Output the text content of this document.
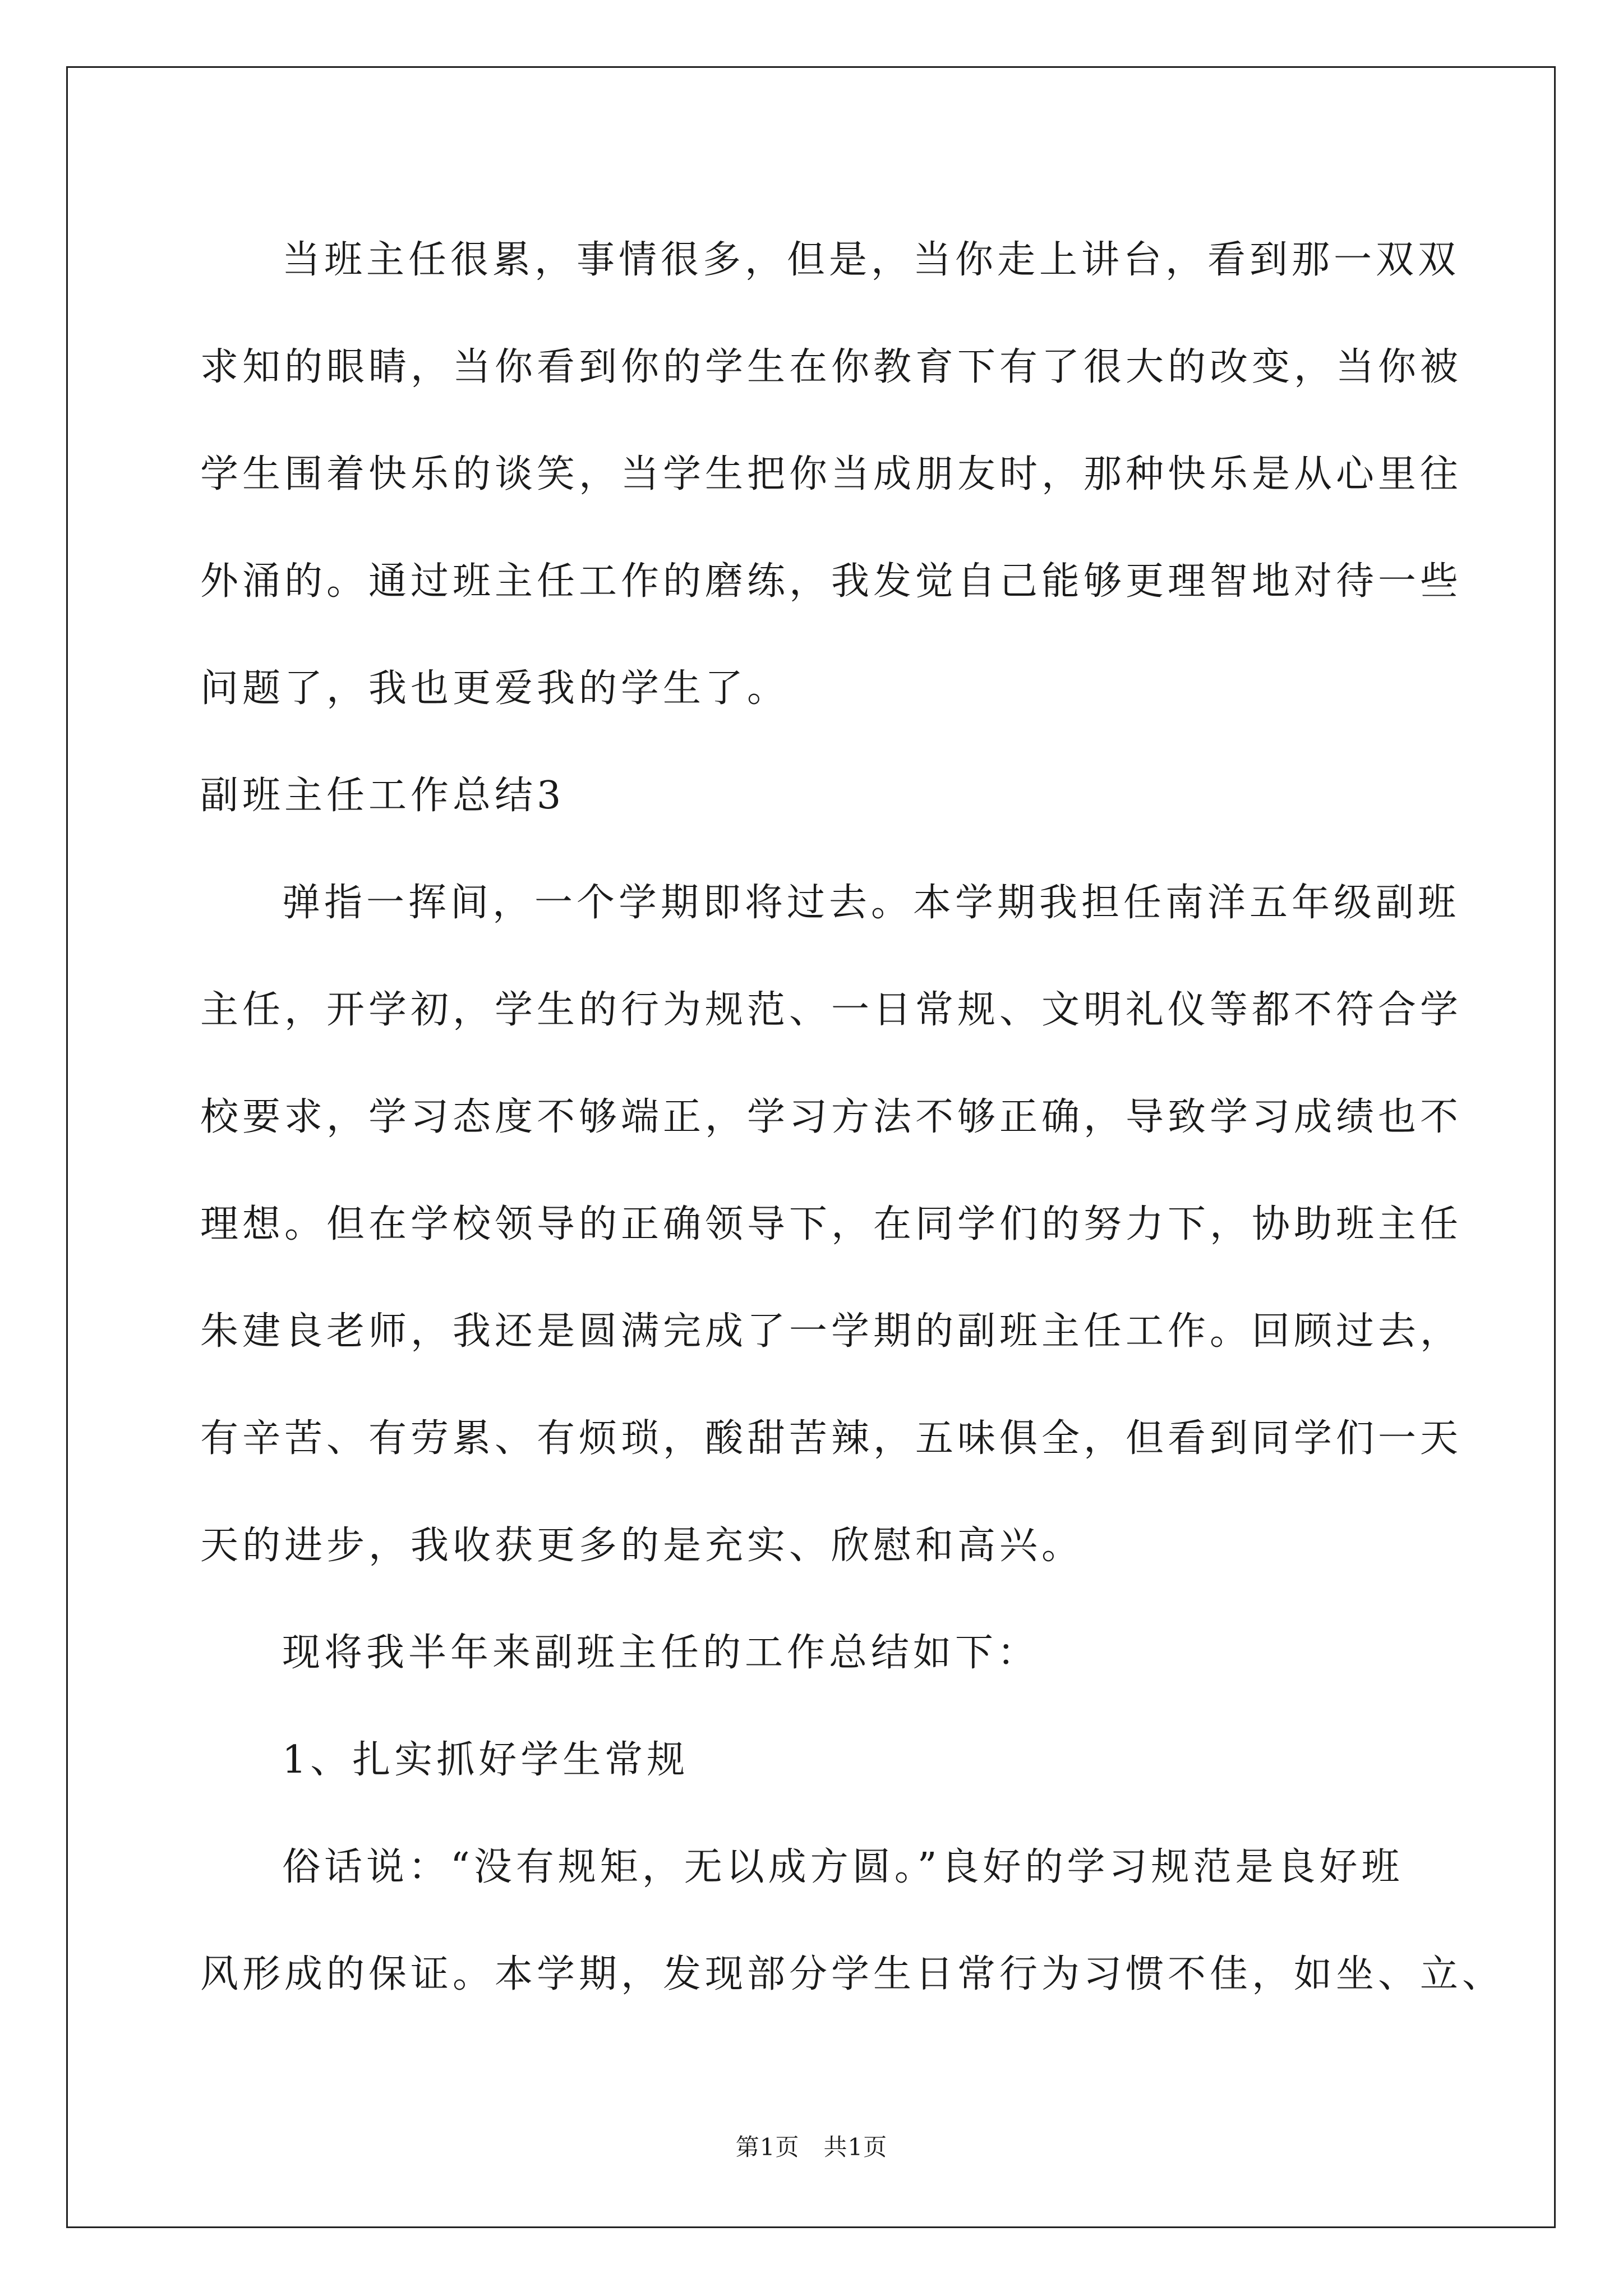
当班主任很累，事情很多，但是，当你走上讲台，看到那一双双
求知的眼睛，当你看到你的学生在你教育下有了很大的改变，当你被
学生围着快乐的谈笑，当学生把你当成朋友时，那种快乐是从心里往
外涌的。通过班主任工作的磨练，我发觉自己能够更理智地对待一些
问题了，我也更爱我的学生了。
副班主任工作总结3
弹指一挥间，一个学期即将过去。本学期我担任南洋五年级副班
主任，开学初，学生的行为规范、一日常规、文明礼仪等都不符合学
校要求，学习态度不够端正，学习方法不够正确，导致学习成绩也不
理想。但在学校领导的正确领导下，在同学们的努力下，协助班主任
朱建良老师，我还是圆满完成了一学期的副班主任工作。回顾过去，
有辛苦、有劳累、有烦琐，酸甜苦辣，五味俱全，但看到同学们一天
天的进步，我收获更多的是充实、欣慰和高兴。
现将我半年来副班主任的工作总结如下：
1、扎实抓好学生常规
俗话说：“没有规矩，无以成方圆。”良好的学习规范是良好班
风形成的保证。本学期，发现部分学生日常行为习惯不佳，如坐、立、
第1页 共1页
